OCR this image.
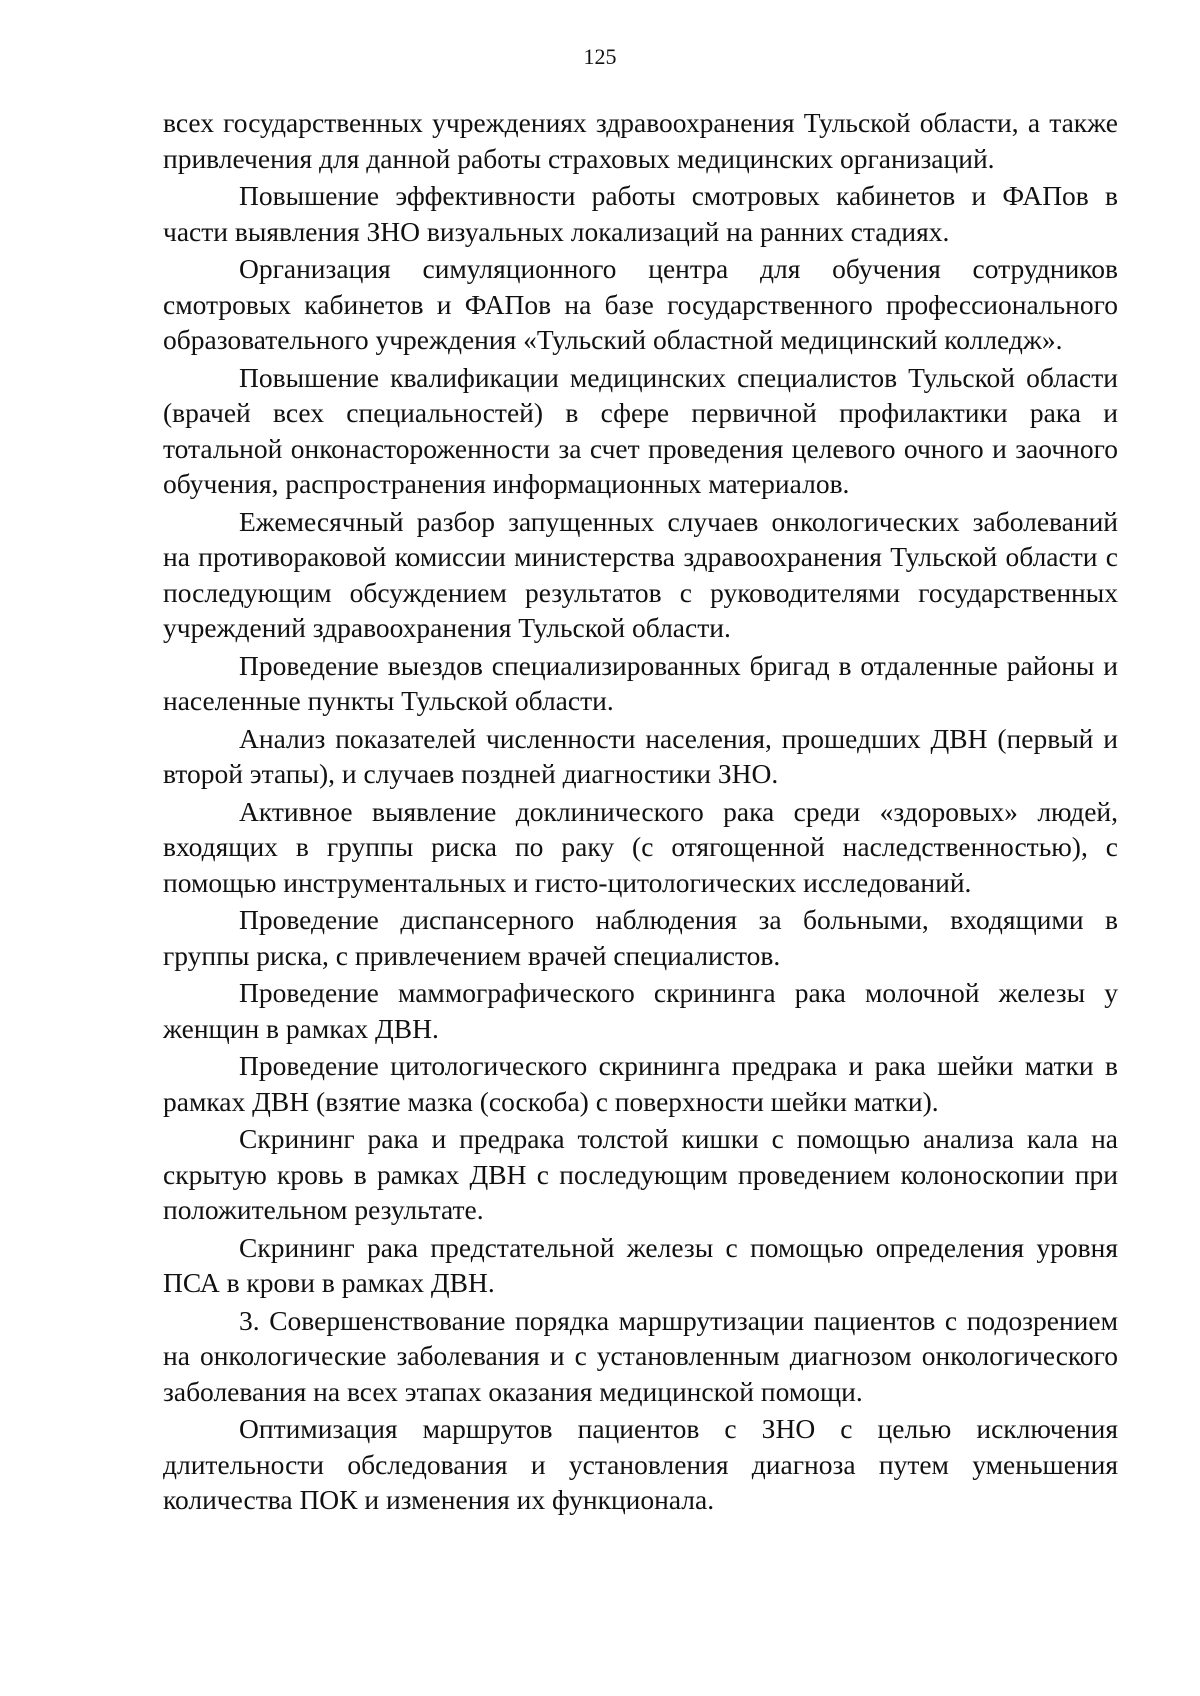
125

всех государственных учреждениях здравоохранения Тульской области, а также привлечения для данной работы страховых медицинских организаций.

Повышение эффективности работы смотровых кабинетов и ФАПов в части выявления ЗНО визуальных локализаций на ранних стадиях.

Организация симуляционного центра для обучения сотрудников смотровых кабинетов и ФАПов на базе государственного профессионального образовательного учреждения «Тульский областной медицинский колледж».

Повышение квалификации медицинских специалистов Тульской области (врачей всех специальностей) в сфере первичной профилактики рака и тотальной онконастороженности за счет проведения целевого очного и заочного обучения, распространения информационных материалов.

Ежемесячный разбор запущенных случаев онкологических заболеваний на противораковой комиссии министерства здравоохранения Тульской области с последующим обсуждением результатов с руководителями государственных учреждений здравоохранения Тульской области.

Проведение выездов специализированных бригад в отдаленные районы и населенные пункты Тульской области.

Анализ показателей численности населения, прошедших ДВН (первый и второй этапы), и случаев поздней диагностики ЗНО.

Активное выявление доклинического рака среди «здоровых» людей, входящих в группы риска по раку (с отягощенной наследственностью), с помощью инструментальных и гисто-цитологических исследований.

Проведение диспансерного наблюдения за больными, входящими в группы риска, с привлечением врачей специалистов.

Проведение маммографического скрининга рака молочной железы у женщин в рамках ДВН.

Проведение цитологического скрининга предрака и рака шейки матки в рамках ДВН (взятие мазка (соскоба) с поверхности шейки матки).

Скрининг рака и предрака толстой кишки с помощью анализа кала на скрытую кровь в рамках ДВН с последующим проведением колоноскопии при положительном результате.

Скрининг рака предстательной железы с помощью определения уровня ПСА в крови в рамках ДВН.

3. Совершенствование порядка маршрутизации пациентов с подозрением на онкологические заболевания и с установленным диагнозом онкологического заболевания на всех этапах оказания медицинской помощи.

Оптимизация маршрутов пациентов с ЗНО с целью исключения длительности обследования и установления диагноза путем уменьшения количества ПОК и изменения их функционала.
